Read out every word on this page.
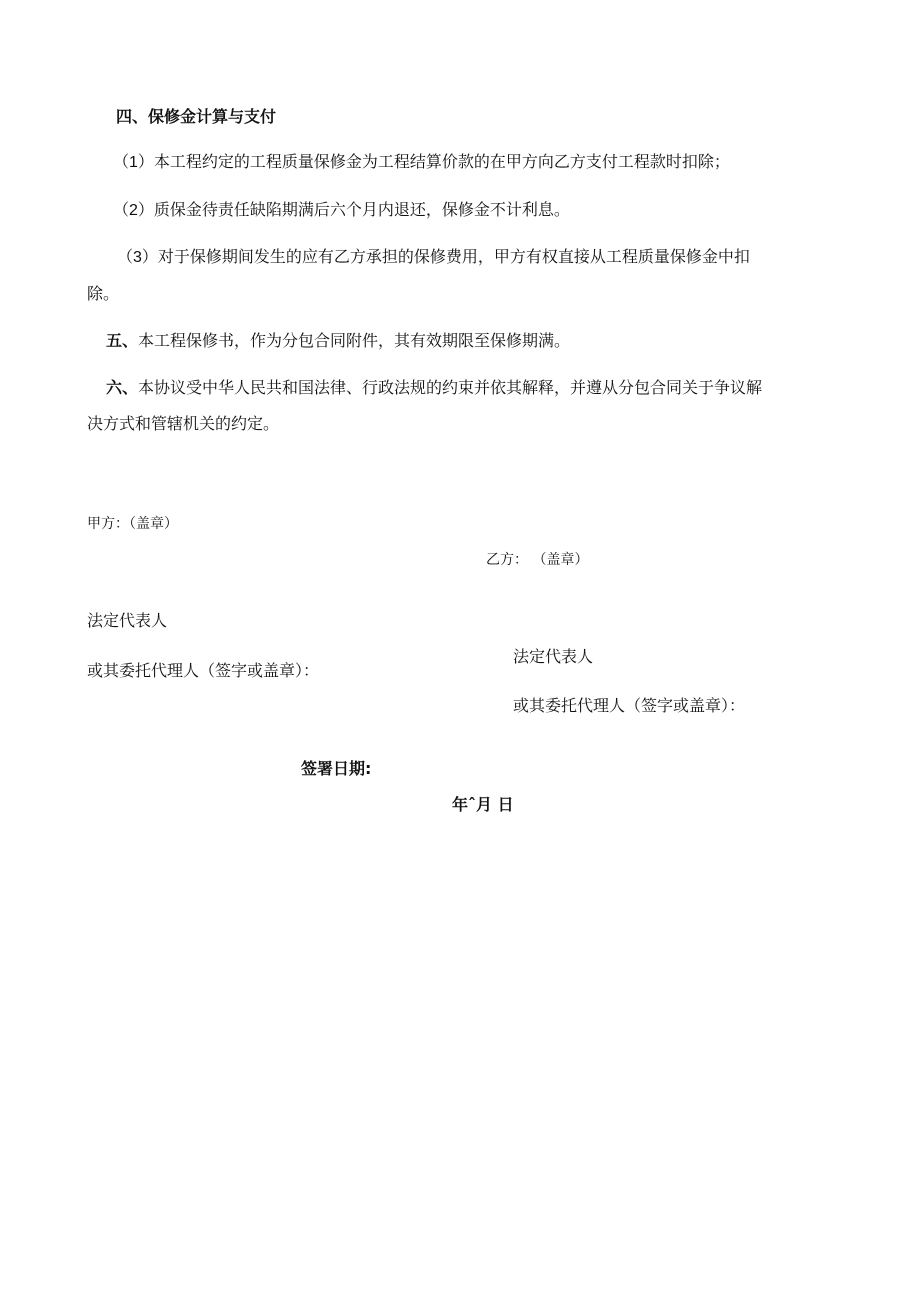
四、保修金计算与支付
（1）本工程约定的工程质量保修金为工程结算价款的在甲方向乙方支付工程款时扣除；
（2）质保金待责任缺陷期满后六个月内退还，保修金不计利息。
（3）对于保修期间发生的应有乙方承担的保修费用，甲方有权直接从工程质量保修金中扣
除。
五、本工程保修书，作为分包合同附件，其有效期限至保修期满。
六、本协议受中华人民共和国法律、行政法规的约束并依其解释，并遵从分包合同关于争议解
决方式和管辖机关的约定。
甲方：（盖章）
法定代表人
或其委托代理人（签字或盖章）：
乙方： （盖章）
法定代表人
或其委托代理人（签字或盖章）：
签署日期:
年ˆ月 日
